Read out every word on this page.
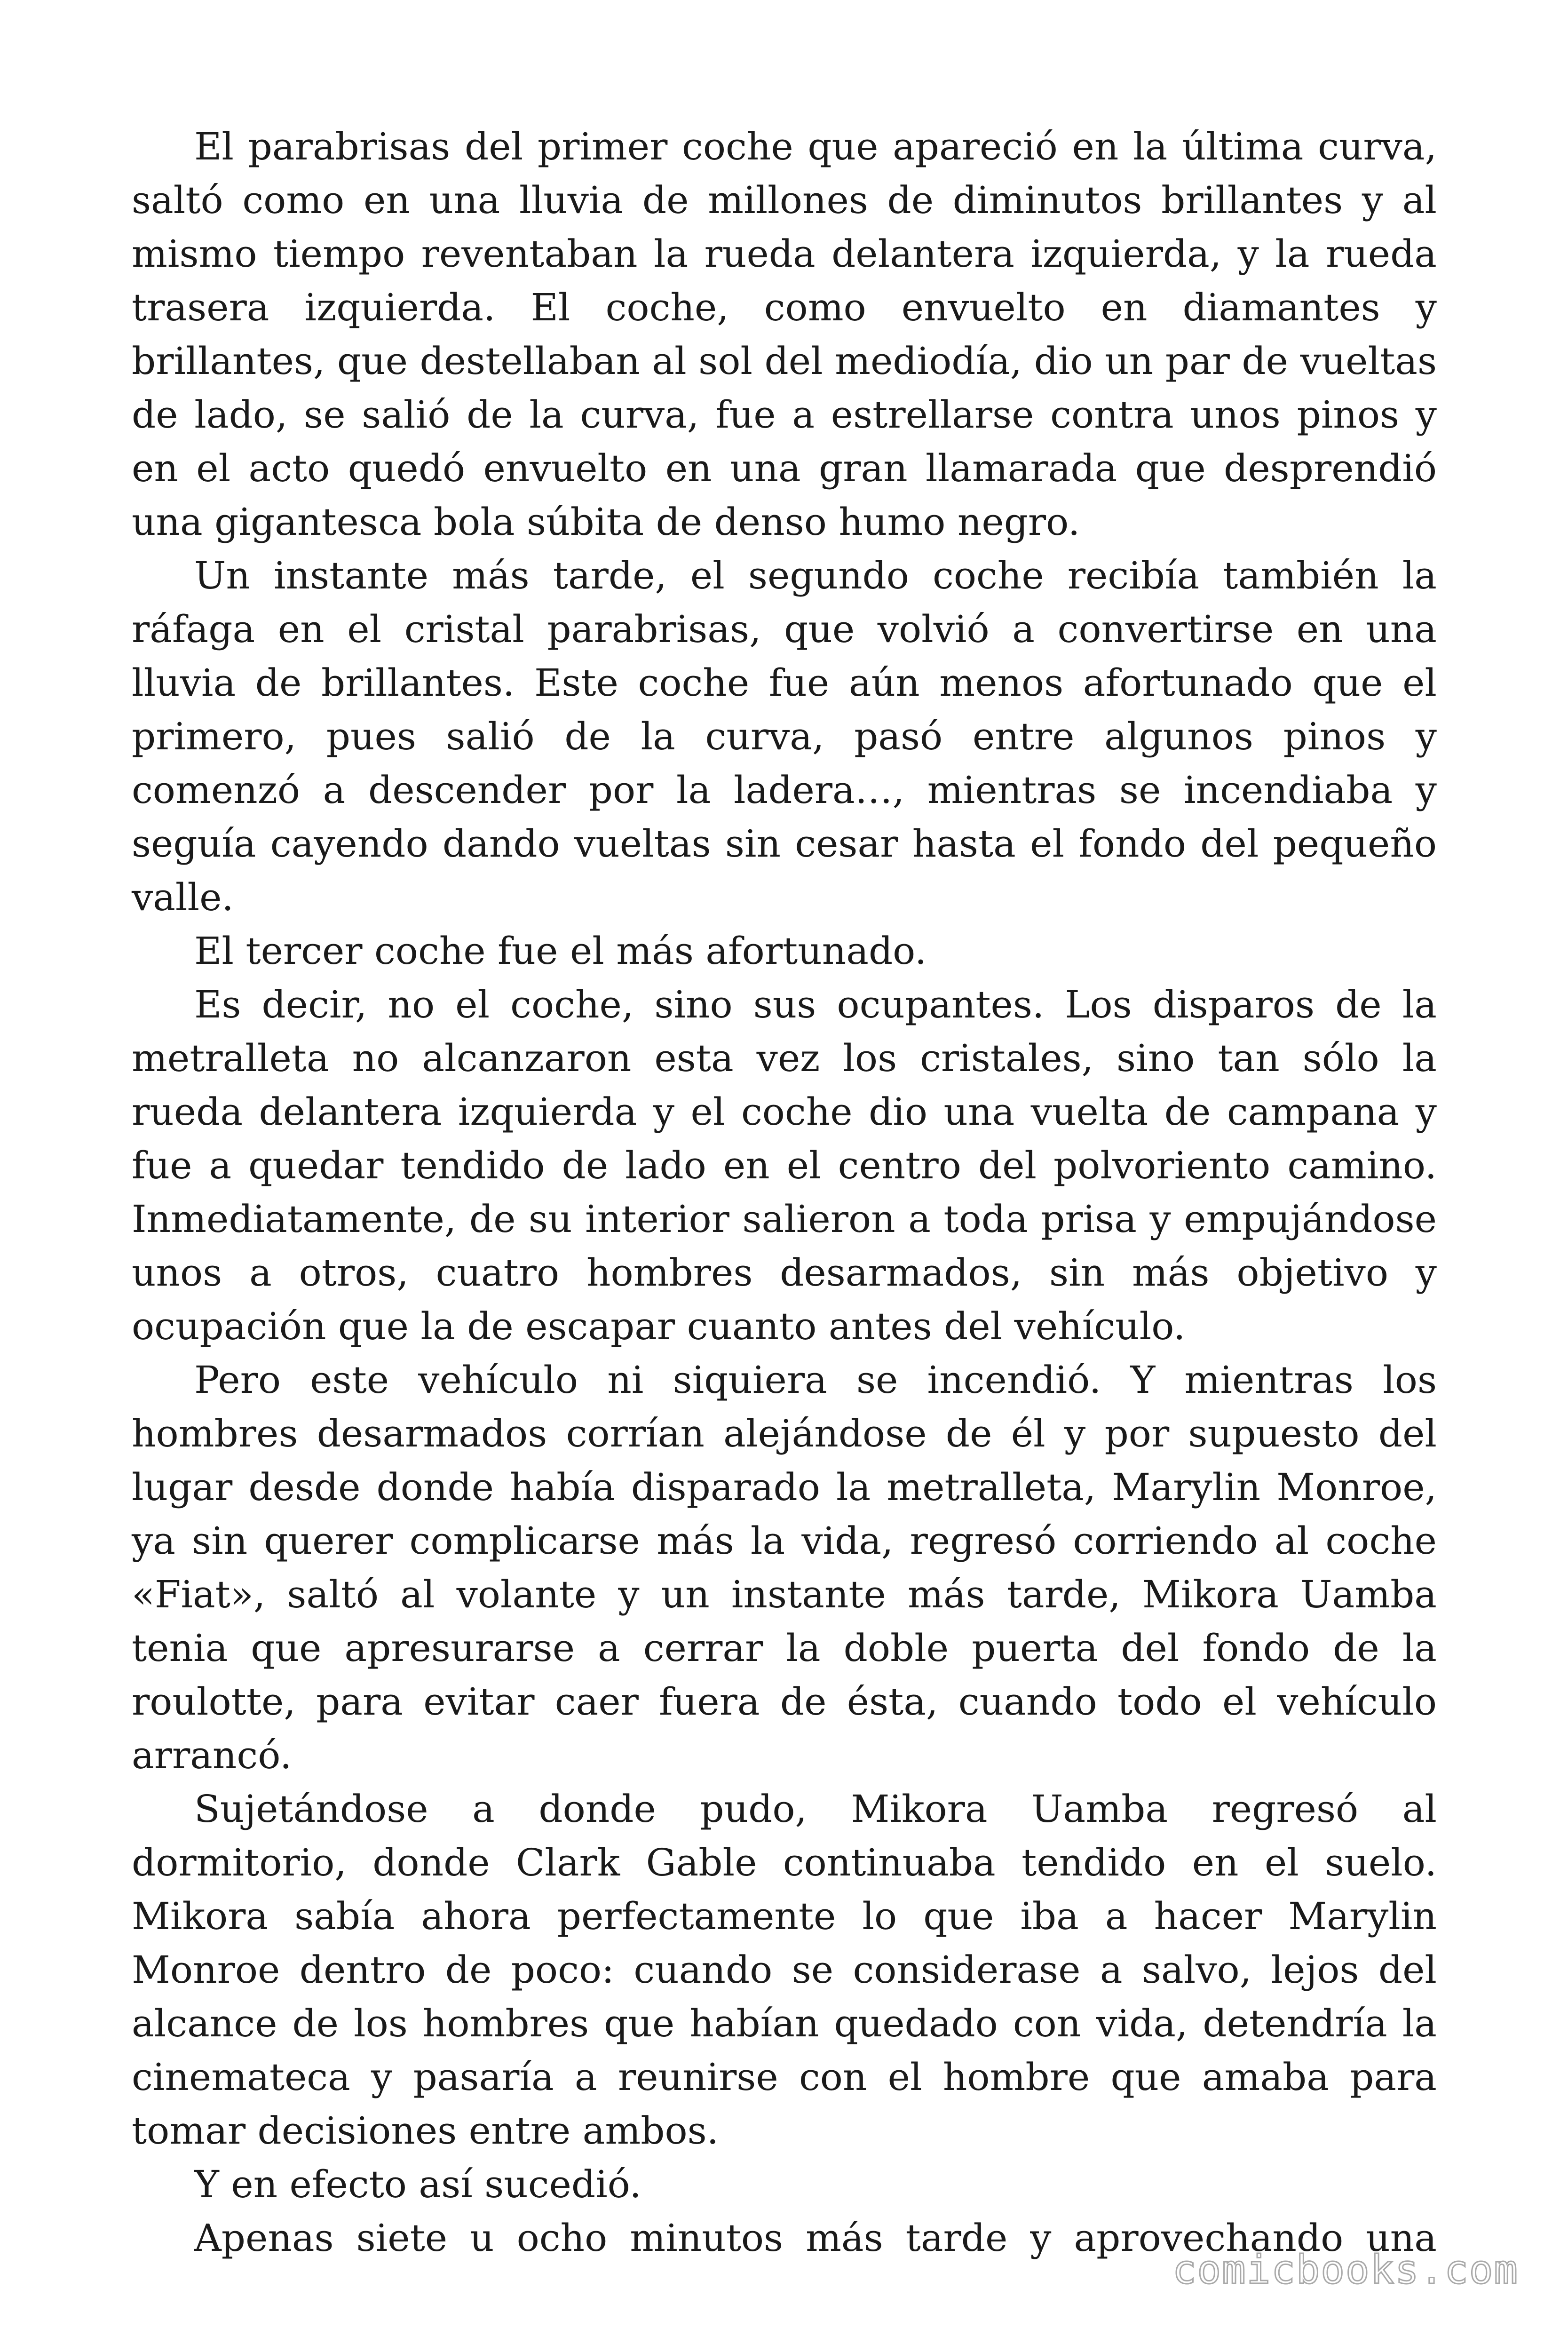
El parabrisas del primer coche que apareció en la última curva, saltó como en una lluvia de millones de diminutos brillantes y al mismo tiempo reventaban la rueda delantera izquierda, y la rueda trasera izquierda. El coche, como envuelto en diamantes y brillantes, que destellaban al sol del mediodía, dio un par de vueltas de lado, se salió de la curva, fue a estrellarse contra unos pinos y en el acto quedó envuelto en una gran llamarada que desprendió una gigantesca bola súbita de denso humo negro.

Un instante más tarde, el segundo coche recibía también la ráfaga en el cristal parabrisas, que volvió a convertirse en una lluvia de brillantes. Este coche fue aún menos afortunado que el primero, pues salió de la curva, pasó entre algunos pinos y comenzó a descender por la ladera…, mientras se incendiaba y seguía cayendo dando vueltas sin cesar hasta el fondo del pequeño valle.

El tercer coche fue el más afortunado.

Es decir, no el coche, sino sus ocupantes. Los disparos de la metralleta no alcanzaron esta vez los cristales, sino tan sólo la rueda delantera izquierda y el coche dio una vuelta de campana y fue a quedar tendido de lado en el centro del polvoriento camino. Inmediatamente, de su interior salieron a toda prisa y empujándose unos a otros, cuatro hombres desarmados, sin más objetivo y ocupación que la de escapar cuanto antes del vehículo.

Pero este vehículo ni siquiera se incendió. Y mientras los hombres desarmados corrían alejándose de él y por supuesto del lugar desde donde había disparado la metralleta, Marylin Monroe, ya sin querer complicarse más la vida, regresó corriendo al coche «Fiat», saltó al volante y un instante más tarde, Mikora Uamba tenia que apresurarse a cerrar la doble puerta del fondo de la roulotte, para evitar caer fuera de ésta, cuando todo el vehículo arrancó.

Sujetándose a donde pudo, Mikora Uamba regresó al dormitorio, donde Clark Gable continuaba tendido en el suelo. Mikora sabía ahora perfectamente lo que iba a hacer Marylin Monroe dentro de poco: cuando se considerase a salvo, lejos del alcance de los hombres que habían quedado con vida, detendría la cinemateca y pasaría a reunirse con el hombre que amaba para tomar decisiones entre ambos.

Y en efecto así sucedió.

Apenas siete u ocho minutos más tarde y aprovechando una

comicbooks.com
